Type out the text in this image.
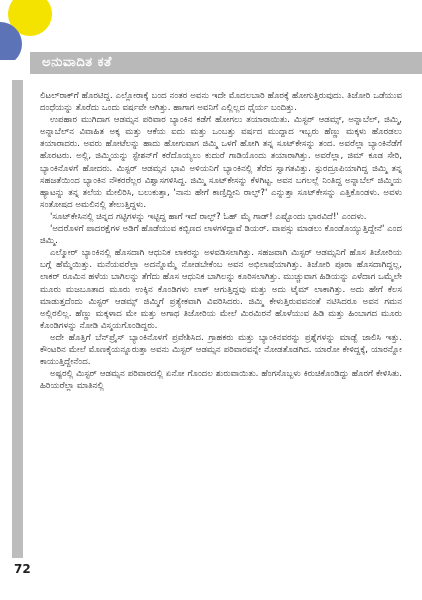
ಅನುವಾದಿತ ಕತೆ

ಲಿಟಲ್‌ರಾಕ್‌ಗೆ ಹೊರಟಿದ್ದ. ಎಲ್ಲೋರಾಕ್ಕೆ ಬಂದ ನಂತರ ಅವನು ಇದೇ ಮೊದಲಬಾರಿ ಹೊರಕ್ಕೆ ಹೋಗುತ್ತಿರುವುದು. ತಿಜೋರಿ ಒಡೆಯುವ ದಂಧೆಯನ್ನು ತೊರೆದು ಒಂದು ವರ್ಷವೇ ಆಗಿತ್ತು. ಹಾಗಾಗ ಅವನಿಗೆ ಎಲ್ಲಿಲ್ಲದ ಧೈರ್ಯ ಬಂದಿತ್ತು.

ಉಪಹಾರ ಮುಗಿದಾಗ ಆಡಮ್ಸನ ಪರಿವಾರ ಬ್ಯಾಂಕಿನ ಕಡೆಗೆ ಹೋಗಲು ತಯಾರಾಯಿತು. ಮಿಸ್ಟರ್ ಆಡಮ್ಸ್, ಅನ್ನಾಬೆಲ್, ಜಿಮ್ಮಿ, ಅನ್ನಾಬೆಲ್‌ನ ವಿವಾಹಿತ ಅಕ್ಕ ಮತ್ತು ಆಕೆಯ ಐದು ಮತ್ತು ಒಂಬತ್ತು ವರ್ಷದ ಮುದ್ದಾದ ಇಬ್ಬರು ಹೆಣ್ಣು ಮಕ್ಕಳು ಹೊರಡಲು ತಯಾರಾದರು. ಅವರು ಹೋಟೆಲನ್ನು ಹಾದು ಹೋಗುವಾಗ ಜಿಮ್ಮಿ ಒಳಗೆ ಹೋಗಿ ತನ್ನ ಸೂಟ್‌ಕೇಸನ್ನು ತಂದ. ಅವರೆಲ್ಲಾ ಬ್ಯಾಂಕಿನೆಡೆಗೆ ಹೊರಟರು. ಅಲ್ಲಿ, ಜಿಮ್ಮಿಯನ್ನು ಸ್ಟೇಶನ್‌ಗೆ ಕರೆದೊಯ್ಯಲು ಕುದುರೆ ಗಾಡಿಯೊಂದು ತಯಾರಾಗಿತ್ತು. ಅವರೆಲ್ಲಾ, ಜಿಮ್ ಕೂಡ ಸೇರಿ, ಬ್ಯಾಂಕಿನೊಳಗೆ ಹೋದರು. ಮಿಸ್ಟರ್ ಆಡಮ್ಸನ ಭಾವಿ ಅಳಿಯನಿಗೆ ಬ್ಯಾಂಕಿನಲ್ಲಿ ತೆರೆದ ಸ್ವಾಗತವಿತ್ತು. ಸ್ಫುರದ್ರೂಪಿಯಾಗಿದ್ದ ಜಿಮ್ಮಿ ತನ್ನ ಸಹಜತೆಯಿಂದ ಬ್ಯಾಂಕಿನ ನೌಕರರೆಲ್ಲರ ವಿಶ್ವಾಸಗಳಿಸಿದ್ದ. ಜಿಮ್ಮಿ ಸೂಟ್‌ಕೇಸನ್ನು ಕೆಳಗಿಟ್ಟ. ಅವನ ಬಗಲಲ್ಲೆ ನಿಂತಿದ್ದ ಅನ್ನಾಬೆಲ್ ಜಿಮ್ಮಿಯ ಹ್ಯಾಟನ್ನು ತನ್ನ ತಲೆಯ ಮೇಲಿರಿಸಿ, ಬಲುಕುತ್ತಾ, 'ನಾನು ಹೇಗೆ ಕಾಣ್ತಿದ್ದೀನಿ ರಾಲ್ಫ್?' ಎನ್ನುತ್ತಾ ಸೂಟ್‌ಕೇಸನ್ನು ಎತ್ತಿಕೊಂಡಳು. ಅವಳು ಸಂತೋಷದ ಅಮಲಿನಲ್ಲಿ ತೇಲುತ್ತಿದ್ದಳು.

'ಸೂಟ್‌ಕೇಸಿನಲ್ಲಿ ಚಿನ್ನದ ಗಟ್ಟಿಗಳನ್ನು ಇಟ್ಟಿದ್ದ ಹಾಗೆ ಇದೆ ರಾಲ್ಫ್? ಓಹ್ ಮೈ ಗಾಡ್! ಎಷ್ಟೊಂದು ಭಾರವಿದೆ!' ಎಂದಳು.

'ಅದರೊಳಗೆ ಪಾದರಕ್ಷೆಗಳ ಅಡಿಗೆ ಹೊಡೆಯುವ ಕಬ್ಬಿಣದ ಲಾಳಗಳಿದ್ದಾವೆ ಡಿಯರ್. ವಾಪಸ್ಸು ಮಾಡಲು ಕೊಂಡೊಯ್ಯುತ್ತಿದ್ದೇನೆ' ಎಂದ ಜಿಮ್ಮಿ.

ಎಲ್ಮೋರ್ ಬ್ಯಾಂಕಿನಲ್ಲಿ ಹೊಸದಾಗಿ ಆಧುನಿಕ ಲಾಕರನ್ನು ಅಳವಡಿಸಲಾಗಿತ್ತು. ಸಹಜವಾಗಿ ಮಿಸ್ಟರ್ ಆಡಮ್ಸನಿಗೆ ಹೊಸ ತಿಜೋರಿಯ ಬಗ್ಗೆ ಹೆಮ್ಮೆಯಿತ್ತು. ಮನೆಯವರೆಲ್ಲಾ ಅದನ್ನೊಮ್ಮೆ ನೋಡಬೇಕೆಂಬ ಅವನ ಅಭಿಲಾಷೆಯಾಗಿತ್ತು. ತಿಜೋರಿ ಪೂರಾ ಹೊಸದಾಗಿದ್ದಲ್ಲ, ಲಾಕರ್ ರೂಮಿನ ಹಳೆಯ ಬಾಗಿಲನ್ನು ತೆಗೆದು ಹೊಸ ಆಧುನಿಕ ಬಾಗಿಲನ್ನು ಕೂರಿಸಲಾಗಿತ್ತು. ಮುಚ್ಚುವಾಗ ಹಿಡಿಯನ್ನು ಎಳೆದಾಗ ಒಮ್ಮೆಲೇ ಮೂರು ಮಜಬೂತಾದ ಮೂರು ಉಕ್ಕಿನ ಕೊಂಡಿಗಳು ಲಾಕ್ ಆಗುತ್ತಿದ್ದವು ಮತ್ತು ಅದು ಟೈಮ್ ಲಾಕಾಗಿತ್ತು. ಅದು ಹೇಗೆ ಕೆಲಸ ಮಾಡುತ್ತದೆಂದು ಮಿಸ್ಟರ್ ಆಡಮ್ಸ್ ಜಿಮ್ಮಿಗೆ ಪ್ರತ್ಯೇಕವಾಗಿ ವಿವರಿಸಿದರು. ಜಿಮ್ಮಿ ಕೇಳುತ್ತಿರುವವನಂತೆ ನಟಿಸಿದರೂ ಅವನ ಗಮನ ಅಲ್ಲಿರಲಿಲ್ಲ. ಹೆಣ್ಣು ಮಕ್ಕಳಾದ ಮೇ ಮತ್ತು ಅಗಾಥ ತಿಜೋರಿಯ ಮೇಲೆ ಮಿರಮಿರನೆ ಹೊಳೆಯುವ ಹಿಡಿ ಮತ್ತು ಹಿಂಬಾಗದ ಮೂರು ಕೊಂಡಿಗಳನ್ನು ನೋಡಿ ವಿಸ್ಮಯಗೊಂಡಿದ್ದರು.

ಅದೇ ಹೊತ್ತಿಗೆ ಬೆನ್‌ಪ್ರೈಸ್ ಬ್ಯಾಂಕಿನೊಳಗೆ ಪ್ರವೇಶಿಸಿದ. ಗ್ರಾಹಕರು ಮತ್ತು ಬ್ಯಾಂಕಿನವರನ್ನು ಪ್ರಶ್ನೆಗಳನ್ನು ಮಾಡ್ಬೆ ಜಾಲಿಸಿ ಇತ್ತು. ಕೌಂಟರಿನ ಮೇಲೆ ಮೊಣಕೈಯನ್ನೂರುತ್ತಾ ಅವನು ಮಿಸ್ಟರ್ ಆಡಮ್ಸನ ಪರಿವಾರವನ್ನೇ ನೋಡತೊಡಗಿದ. ಯಾರೋ ಕೇಳಿದ್ದಕ್ಕೆ, ಯಾರನ್ನೋ ಕಾಯುತ್ತಿದ್ದೇನೆಂದ.

ಅಷ್ಟರಲ್ಲಿ ಮಿಸ್ಟರ್ ಆಡಮ್ಸನ ಪರಿವಾರದಲ್ಲಿ ಏನೋ ಗೊಂದಲ ಶುರುವಾಯಿತು. ಹೆಂಗಸೊಬ್ಬಳು ಕಿರುಚಿಕೊಂಡಿದ್ದು ಹೊರಗೆ ಕೇಳಿಸಿತು. ಹಿರಿಯರೆಲ್ಲಾ ಮಾತಿನಲ್ಲಿ

72
